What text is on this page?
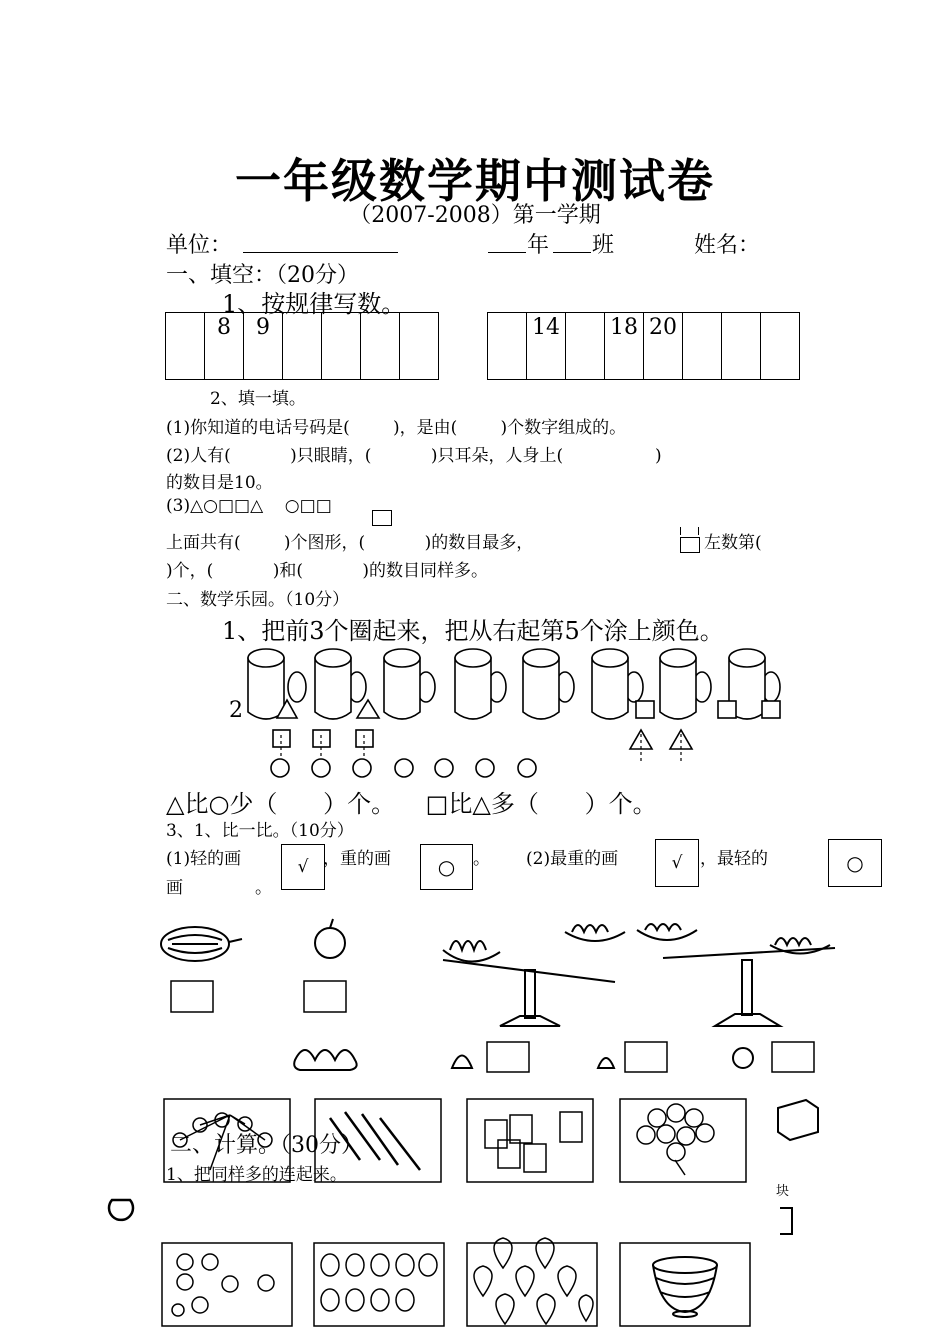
一年级数学期中测试卷
（2007-2008）第一学期
单位：	年 班	姓名：
一、填空：（20分）
1、按规律写数。
	8	9				
		14		18	20			
2、填一填。
(1)你知道的电话号码是(        )，是由(        )个数字组成的。
(2)人有(           )只眼睛，(           )只耳朵，人身上(                 )
的数目是10。
(3)△○□□△    ○□□
上面共有(        )个图形，(           )的数目最多，	左数第(
)个，(           )和(           )的数目同样多。
二、数学乐园。（10分）
1、把前3个圈起来，把从右起第5个涂上颜色。
2
△比○少（      ）个。    □比△多（      ）个。
3、1、比一比。（10分）
(1)轻的画	√ ，重的画	○	。 (2)最重的画	√	，最轻的	○
画	。
二、计算。（30分）
1、把同样多的连起来。
块
